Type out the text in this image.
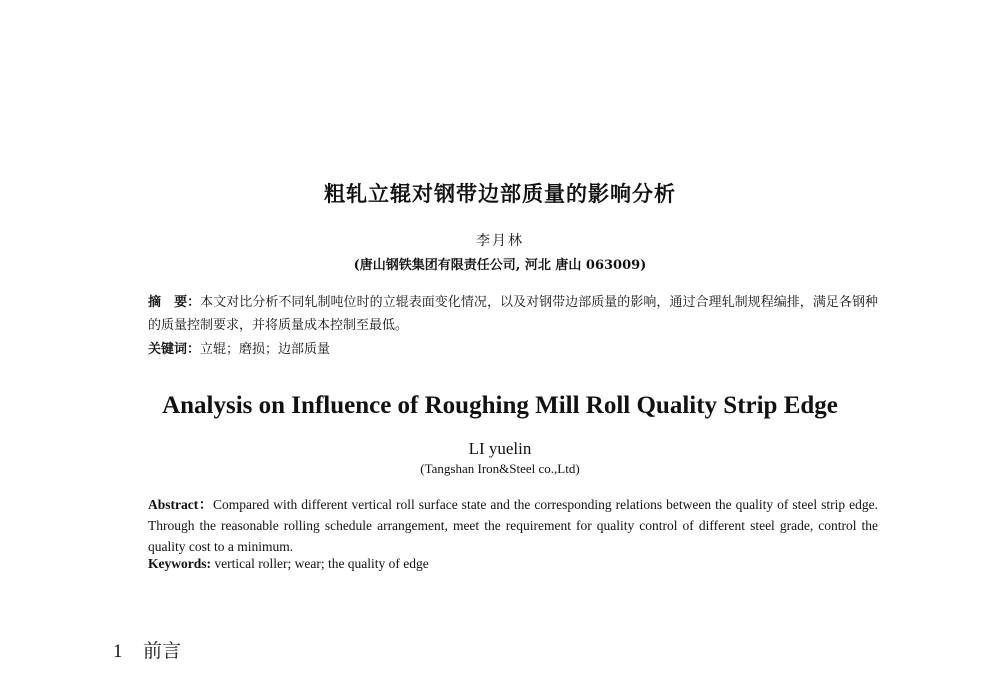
粗轧立辊对钢带边部质量的影响分析
李月林
(唐山钢铁集团有限责任公司, 河北 唐山 063009)
摘　要：本文对比分析不同轧制吨位时的立辊表面变化情况，以及对钢带边部质量的影响，通过合理轧制规程编排，满足各钢种的质量控制要求，并将质量成本控制至最低。
关键词：立辊；磨损；边部质量
Analysis on Influence of Roughing Mill Roll Quality Strip Edge
LI yuelin
(Tangshan Iron&Steel co.,Ltd)
Abstract：Compared with different vertical roll surface state and the corresponding relations between the quality of steel strip edge. Through the reasonable rolling schedule arrangement, meet the requirement for quality control of different steel grade, control the quality cost to a minimum.
Keywords: vertical roller; wear; the quality of edge
1 前言
